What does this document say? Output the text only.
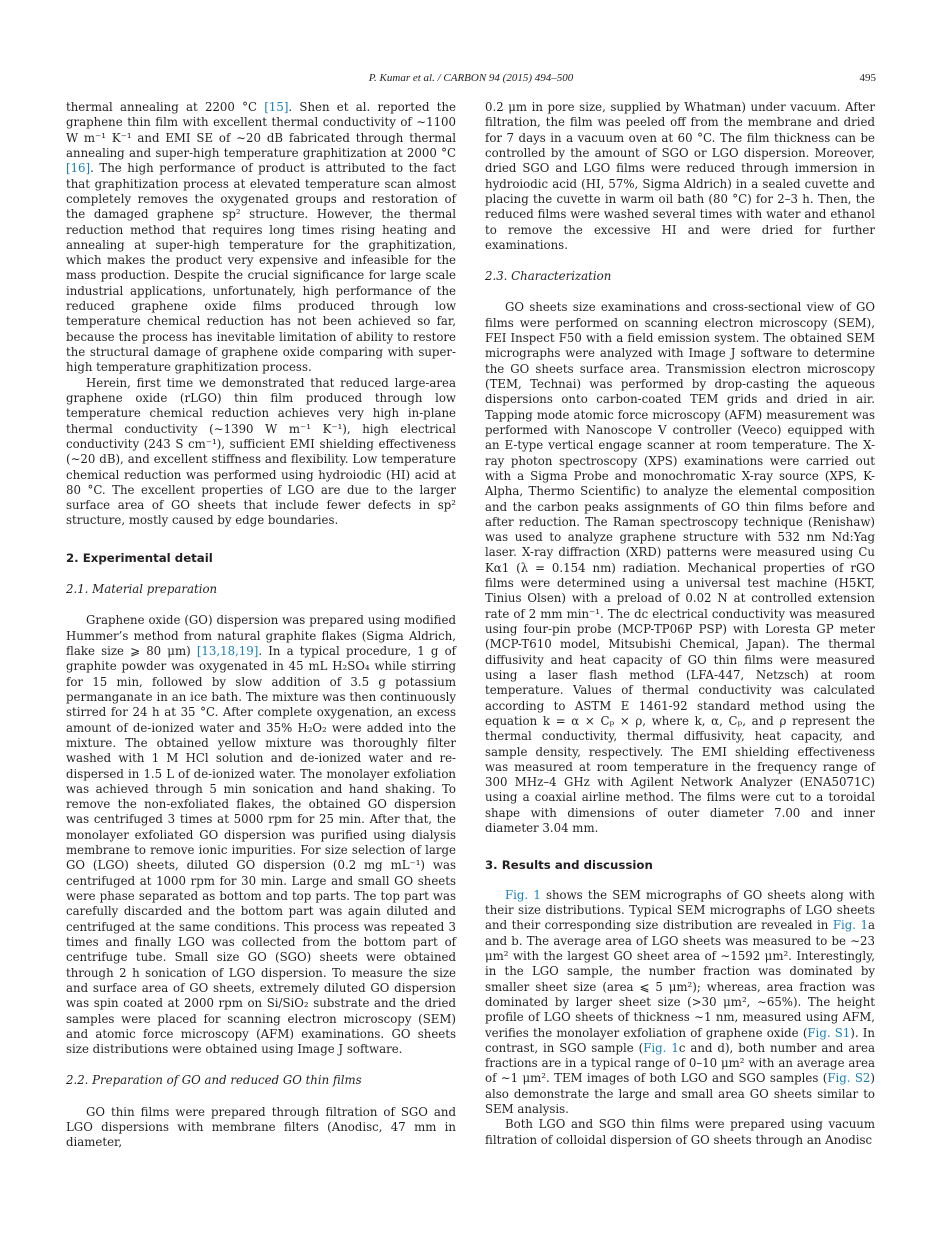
P. Kumar et al. / CARBON 94 (2015) 494–500	495

thermal annealing at 2200 °C [15]. Shen et al. reported the graphene thin film with excellent thermal conductivity of ∼1100 W m⁻¹ K⁻¹ and EMI SE of ∼20 dB fabricated through thermal annealing and super-high temperature graphitization at 2000 °C [16]. The high performance of product is attributed to the fact that graphitization process at elevated temperature scan almost completely removes the oxygenated groups and restoration of the damaged graphene sp² structure. However, the thermal reduction method that requires long times rising heating and annealing at super-high temperature for the graphitization, which makes the product very expensive and infeasible for the mass production. Despite the crucial significance for large scale industrial applications, unfortunately, high performance of the reduced graphene oxide films produced through low temperature chemical reduction has not been achieved so far, because the process has inevitable limitation of ability to restore the structural damage of graphene oxide comparing with super-high temperature graphitization process.

Herein, first time we demonstrated that reduced large-area graphene oxide (rLGO) thin film produced through low temperature chemical reduction achieves very high in-plane thermal conductivity (∼1390 W m⁻¹ K⁻¹), high electrical conductivity (243 S cm⁻¹), sufficient EMI shielding effectiveness (∼20 dB), and excellent stiffness and flexibility. Low temperature chemical reduction was performed using hydroiodic (HI) acid at 80 °C. The excellent properties of LGO are due to the larger surface area of GO sheets that include fewer defects in sp² structure, mostly caused by edge boundaries.

2. Experimental detail
2.1. Material preparation

Graphene oxide (GO) dispersion was prepared using modified Hummer’s method from natural graphite flakes (Sigma Aldrich, flake size ⩾ 80 μm) [13,18,19]. In a typical procedure, 1 g of graphite powder was oxygenated in 45 mL H₂SO₄ while stirring for 15 min, followed by slow addition of 3.5 g potassium permanganate in an ice bath. The mixture was then continuously stirred for 24 h at 35 °C. After complete oxygenation, an excess amount of de-ionized water and 35% H₂O₂ were added into the mixture. The obtained yellow mixture was thoroughly filter washed with 1 M HCl solution and de-ionized water and re-dispersed in 1.5 L of de-ionized water. The monolayer exfoliation was achieved through 5 min sonication and hand shaking. To remove the non-exfoliated flakes, the obtained GO dispersion was centrifuged 3 times at 5000 rpm for 25 min. After that, the monolayer exfoliated GO dispersion was purified using dialysis membrane to remove ionic impurities. For size selection of large GO (LGO) sheets, diluted GO dispersion (0.2 mg mL⁻¹) was centrifuged at 1000 rpm for 30 min. Large and small GO sheets were phase separated as bottom and top parts. The top part was carefully discarded and the bottom part was again diluted and centrifuged at the same conditions. This process was repeated 3 times and finally LGO was collected from the bottom part of centrifuge tube. Small size GO (SGO) sheets were obtained through 2 h sonication of LGO dispersion. To measure the size and surface area of GO sheets, extremely diluted GO dispersion was spin coated at 2000 rpm on Si/SiO₂ substrate and the dried samples were placed for scanning electron microscopy (SEM) and atomic force microscopy (AFM) examinations. GO sheets size distributions were obtained using Image J software.

2.2. Preparation of GO and reduced GO thin films

GO thin films were prepared through filtration of SGO and LGO dispersions with membrane filters (Anodisc, 47 mm in diameter,

0.2 μm in pore size, supplied by Whatman) under vacuum. After filtration, the film was peeled off from the membrane and dried for 7 days in a vacuum oven at 60 °C. The film thickness can be controlled by the amount of SGO or LGO dispersion. Moreover, dried SGO and LGO films were reduced through immersion in hydroiodic acid (HI, 57%, Sigma Aldrich) in a sealed cuvette and placing the cuvette in warm oil bath (80 °C) for 2–3 h. Then, the reduced films were washed several times with water and ethanol to remove the excessive HI and were dried for further examinations.

2.3. Characterization

GO sheets size examinations and cross-sectional view of GO films were performed on scanning electron microscopy (SEM), FEI Inspect F50 with a field emission system. The obtained SEM micrographs were analyzed with Image J software to determine the GO sheets surface area. Transmission electron microscopy (TEM, Technai) was performed by drop-casting the aqueous dispersions onto carbon-coated TEM grids and dried in air. Tapping mode atomic force microscopy (AFM) measurement was performed with Nanoscope V controller (Veeco) equipped with an E-type vertical engage scanner at room temperature. The X-ray photon spectroscopy (XPS) examinations were carried out with a Sigma Probe and monochromatic X-ray source (XPS, K-Alpha, Thermo Scientific) to analyze the elemental composition and the carbon peaks assignments of GO thin films before and after reduction. The Raman spectroscopy technique (Renishaw) was used to analyze graphene structure with 532 nm Nd:Yag laser. X-ray diffraction (XRD) patterns were measured using Cu Kα1 (λ = 0.154 nm) radiation. Mechanical properties of rGO films were determined using a universal test machine (H5KT, Tinius Olsen) with a preload of 0.02 N at controlled extension rate of 2 mm min⁻¹. The dc electrical conductivity was measured using four-pin probe (MCP-TP06P PSP) with Loresta GP meter (MCP-T610 model, Mitsubishi Chemical, Japan). The thermal diffusivity and heat capacity of GO thin films were measured using a laser flash method (LFA-447, Netzsch) at room temperature. Values of thermal conductivity was calculated according to ASTM E 1461-92 standard method using the equation k = α × Cₚ × ρ, where k, α, Cₚ, and ρ represent the thermal conductivity, thermal diffusivity, heat capacity, and sample density, respectively. The EMI shielding effectiveness was measured at room temperature in the frequency range of 300 MHz–4 GHz with Agilent Network Analyzer (ENA5071C) using a coaxial airline method. The films were cut to a toroidal shape with dimensions of outer diameter 7.00 and inner diameter 3.04 mm.

3. Results and discussion

Fig. 1 shows the SEM micrographs of GO sheets along with their size distributions. Typical SEM micrographs of LGO sheets and their corresponding size distribution are revealed in Fig. 1a and b. The average area of LGO sheets was measured to be ∼23 μm² with the largest GO sheet area of ∼1592 μm². Interestingly, in the LGO sample, the number fraction was dominated by smaller sheet size (area ⩽ 5 μm²); whereas, area fraction was dominated by larger sheet size (>30 μm², ∼65%). The height profile of LGO sheets of thickness ∼1 nm, measured using AFM, verifies the monolayer exfoliation of graphene oxide (Fig. S1). In contrast, in SGO sample (Fig. 1c and d), both number and area fractions are in a typical range of 0–10 μm² with an average area of ∼1 μm². TEM images of both LGO and SGO samples (Fig. S2) also demonstrate the large and small area GO sheets similar to SEM analysis.

Both LGO and SGO thin films were prepared using vacuum filtration of colloidal dispersion of GO sheets through an Anodisc
